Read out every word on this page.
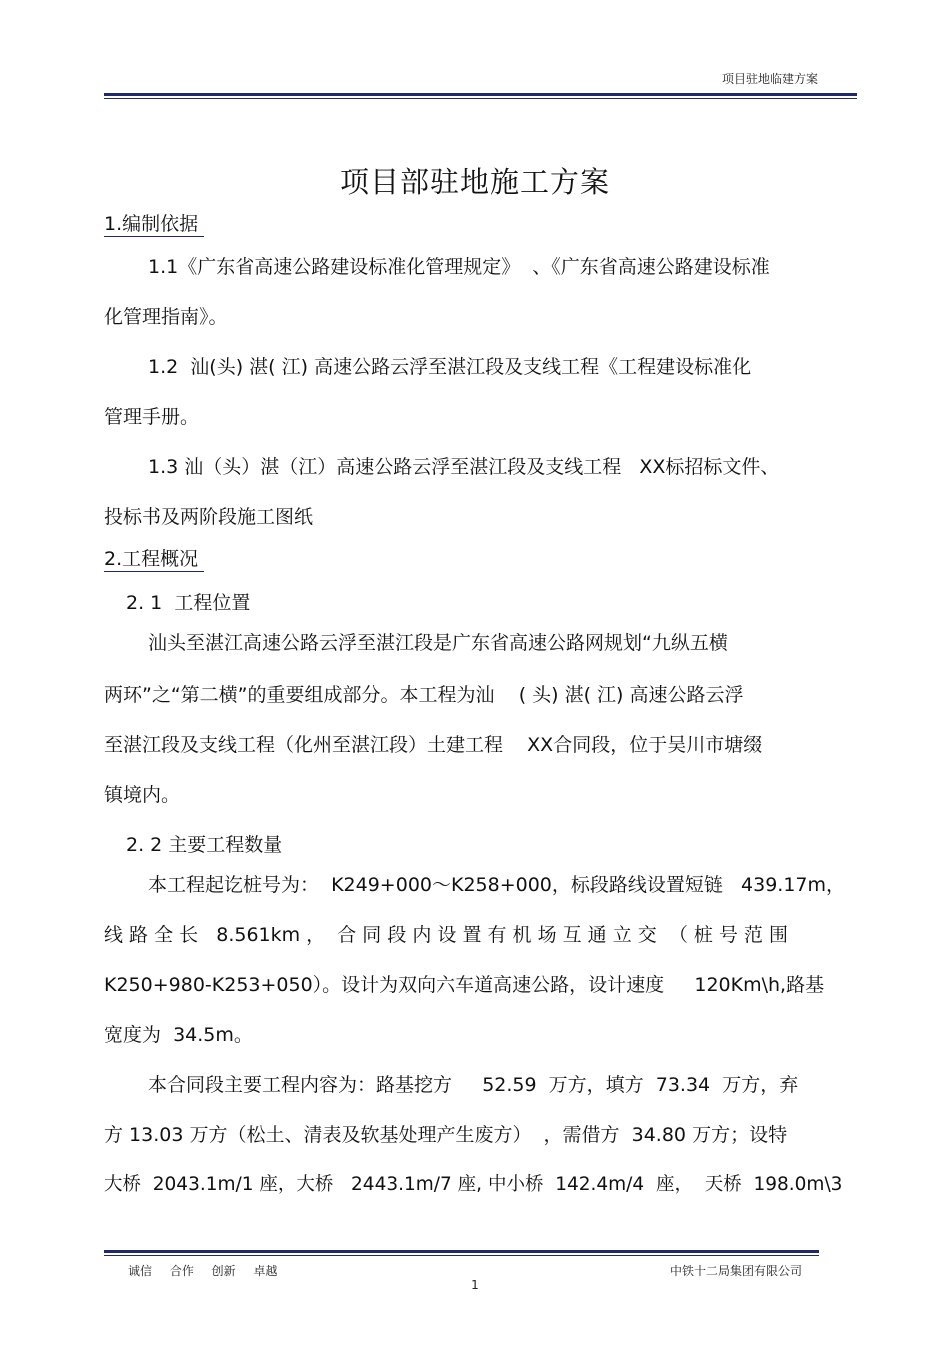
项目驻地临建方案
项目部驻地施工方案
1.编制依据
1.1《广东省高速公路建设标准化管理规定》  、《广东省高速公路建设标准
化管理指南》。
1.2  汕(头) 湛( 江) 高速公路云浮至湛江段及支线工程《工程建设标准化
管理手册。
1.3 汕（头）湛（江）高速公路云浮至湛江段及支线工程   XX标招标文件、
投标书及两阶段施工图纸
2.工程概况
2. 1  工程位置
汕头至湛江高速公路云浮至湛江段是广东省高速公路网规划“九纵五横
两环”之“第二横”的重要组成部分。本工程为汕    ( 头) 湛( 江) 高速公路云浮
至湛江段及支线工程（化州至湛江段）土建工程    XX合同段，位于吴川市塘缀
镇境内。
2. 2 主要工程数量
本工程起讫桩号为：  K249+000～K258+000，标段路线设置短链   439.17m，
线 路 全 长   8.561km ，  合 同 段 内 设 置 有 机 场 互 通 立 交  （ 桩 号 范 围
K250+980-K253+050）。设计为双向六车道高速公路，设计速度     120Km\h,路基
宽度为  34.5m。
本合同段主要工程内容为：路基挖方     52.59  万方，填方  73.34  万方，弃
方 13.03 万方（松土、清表及软基处理产生废方）  ，需借方  34.80 万方；设特
大桥  2043.1m/1 座，大桥   2443.1m/7 座, 中小桥  142.4m/4  座，  天桥  198.0m\3
诚信 合作 创新 卓越	中铁十二局集团有限公司
1
